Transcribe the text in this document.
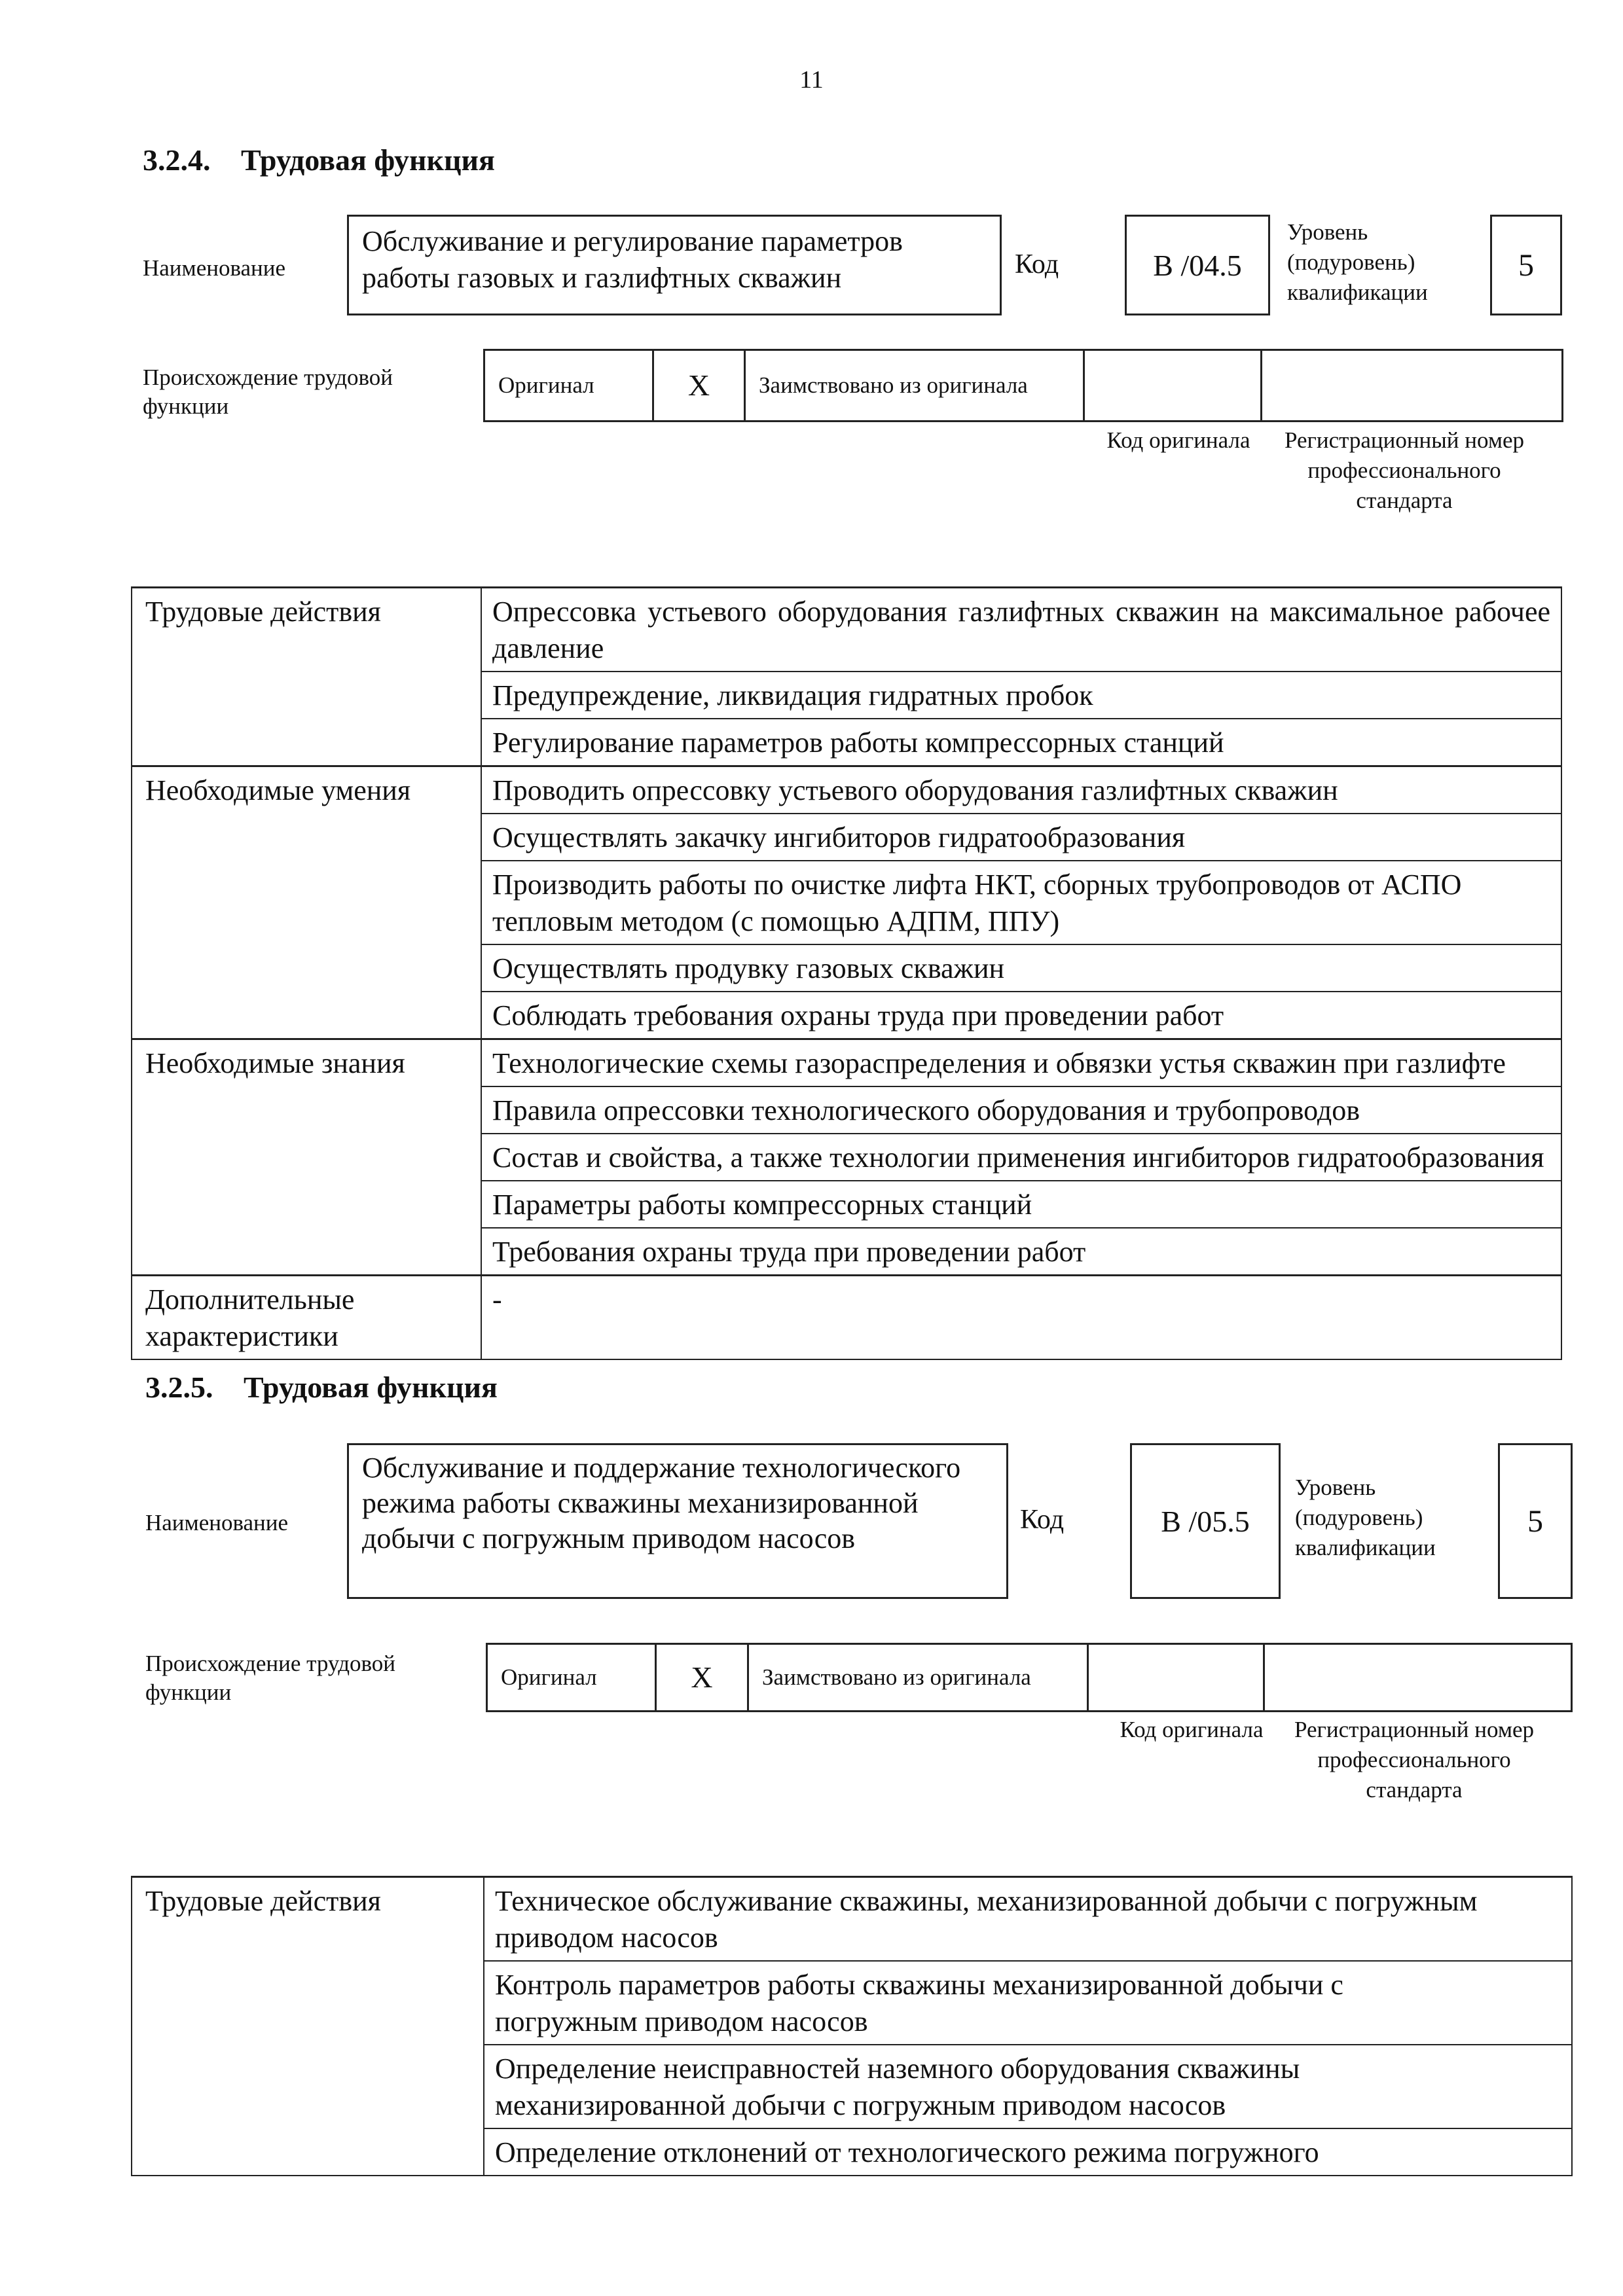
11
3.2.4. Трудовая функция
Наименование
Обслуживание и регулирование параметров работы газовых и газлифтных скважин	Код	В /04.5
Уровень (подуровень) квалификации
5
Происхождение трудовой функции
Оригинал	X	Заимствовано из оригинала		
Код оригинала Регистрационный номер профессионального стандарта
Трудовые действия	Опрессовка устьевого оборудования газлифтных скважин на максимальное рабочее давление
	Предупреждение, ликвидация гидратных пробок
	Регулирование параметров работы компрессорных станций
Необходимые умения	Проводить опрессовку устьевого оборудования газлифтных скважин
	Осуществлять закачку ингибиторов гидратообразования
	Производить работы по очистке лифта НКТ, сборных трубопроводов от АСПО тепловым методом (с помощью АДПМ, ППУ)
	Осуществлять продувку газовых скважин
	Соблюдать требования охраны труда при проведении работ
Необходимые знания	Технологические схемы газораспределения и обвязки устья скважин при газлифте
	Правила опрессовки технологического оборудования и трубопроводов
	Состав и свойства, а также технологии применения ингибиторов гидратообразования
	Параметры работы компрессорных станций
	Требования охраны труда при проведении работ
Дополнительные характеристики	-
3.2.5. Трудовая функция
Наименование
Обслуживание и поддержание технологического режима работы скважины механизированной добычи с погружным приводом насосов
Код	В /05.5
Уровень (подуровень) квалификации
5
Происхождение трудовой функции
Оригинал	X	Заимствовано из оригинала		
Код оригинала Регистрационный номер профессионального стандарта
Трудовые действия	Техническое обслуживание скважины, механизированной добычи с погружным приводом насосов
Контроль параметров работы скважины механизированной добычи с погружным приводом насосов
Определение неисправностей наземного оборудования скважины механизированной добычи с погружным приводом насосов
Определение отклонений от технологического режима погружного
